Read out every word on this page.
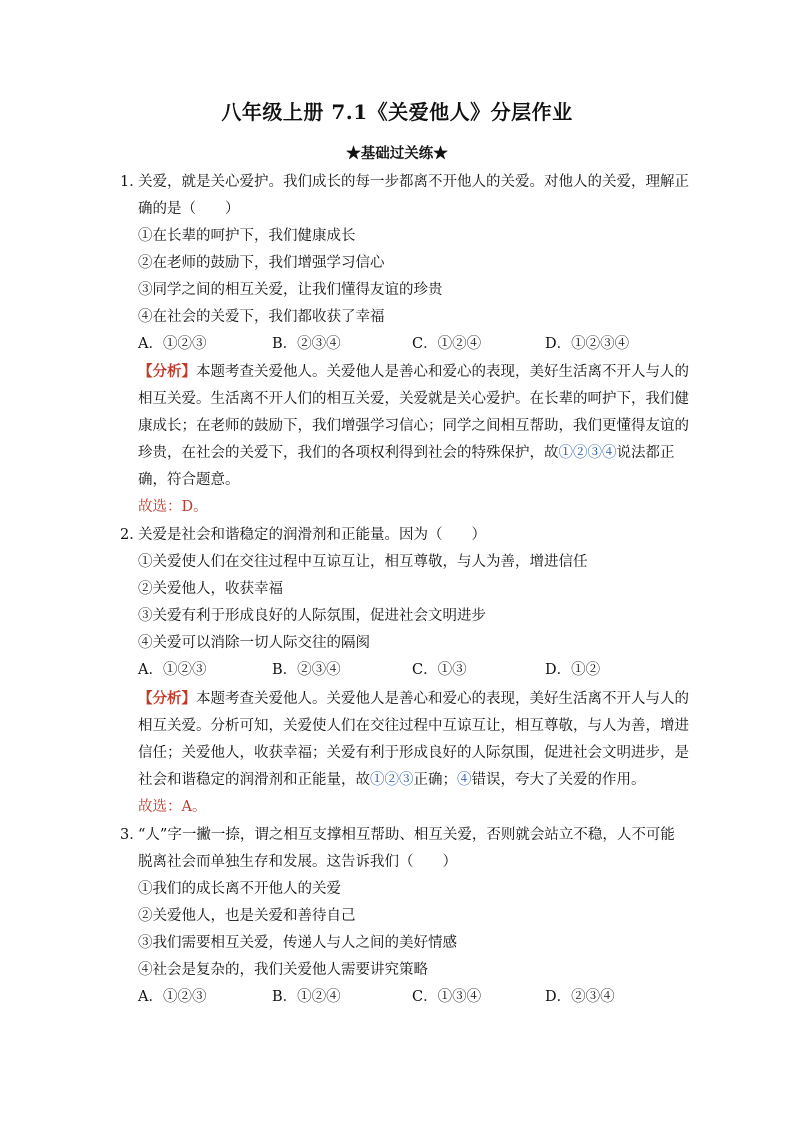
八年级上册 7.1《关爱他人》分层作业
★基础过关练★
1．
关爱，就是关心爱护。我们成长的每一步都离不开他人的关爱。对他人的关爱，理解正
确的是（　　）
①在长辈的呵护下，我们健康成长
②在老师的鼓励下，我们增强学习信心
③同学之间的相互关爱，让我们懂得友谊的珍贵
④在社会的关爱下，我们都收获了幸福
A．①②③	B．②③④	C．①②④	D．①②③④
【分析】本题考查关爱他人。关爱他人是善心和爱心的表现，美好生活离不开人与人的
相互关爱。生活离不开人们的相互关爱，关爱就是关心爱护。在长辈的呵护下，我们健
康成长；在老师的鼓励下，我们增强学习信心；同学之间相互帮助，我们更懂得友谊的
珍贵，在社会的关爱下，我们的各项权利得到社会的特殊保护，故①②③④说法都正
确，符合题意。
故选：D。
2．
关爱是社会和谐稳定的润滑剂和正能量。因为（　　）
①关爱使人们在交往过程中互谅互让，相互尊敬，与人为善，增进信任
②关爱他人，收获幸福
③关爱有利于形成良好的人际氛围，促进社会文明进步
④关爱可以消除一切人际交往的隔阂
A．①②③	B．②③④	C．①③	D．①②
【分析】本题考查关爱他人。关爱他人是善心和爱心的表现，美好生活离不开人与人的
相互关爱。分析可知，关爱使人们在交往过程中互谅互让，相互尊敬，与人为善，增进
信任；关爱他人，收获幸福；关爱有利于形成良好的人际氛围，促进社会文明进步，是
社会和谐稳定的润滑剂和正能量，故①②③正确；④错误，夸大了关爱的作用。
故选：A。
3．
“人”字一撇一捺，谓之相互支撑相互帮助、相互关爱，否则就会站立不稳，人不可能
脱离社会而单独生存和发展。这告诉我们（　　）
①我们的成长离不开他人的关爱
②关爱他人，也是关爱和善待自己
③我们需要相互关爱，传递人与人之间的美好情感
④社会是复杂的，我们关爱他人需要讲究策略
A．①②③	B．①②④	C．①③④	D．②③④
